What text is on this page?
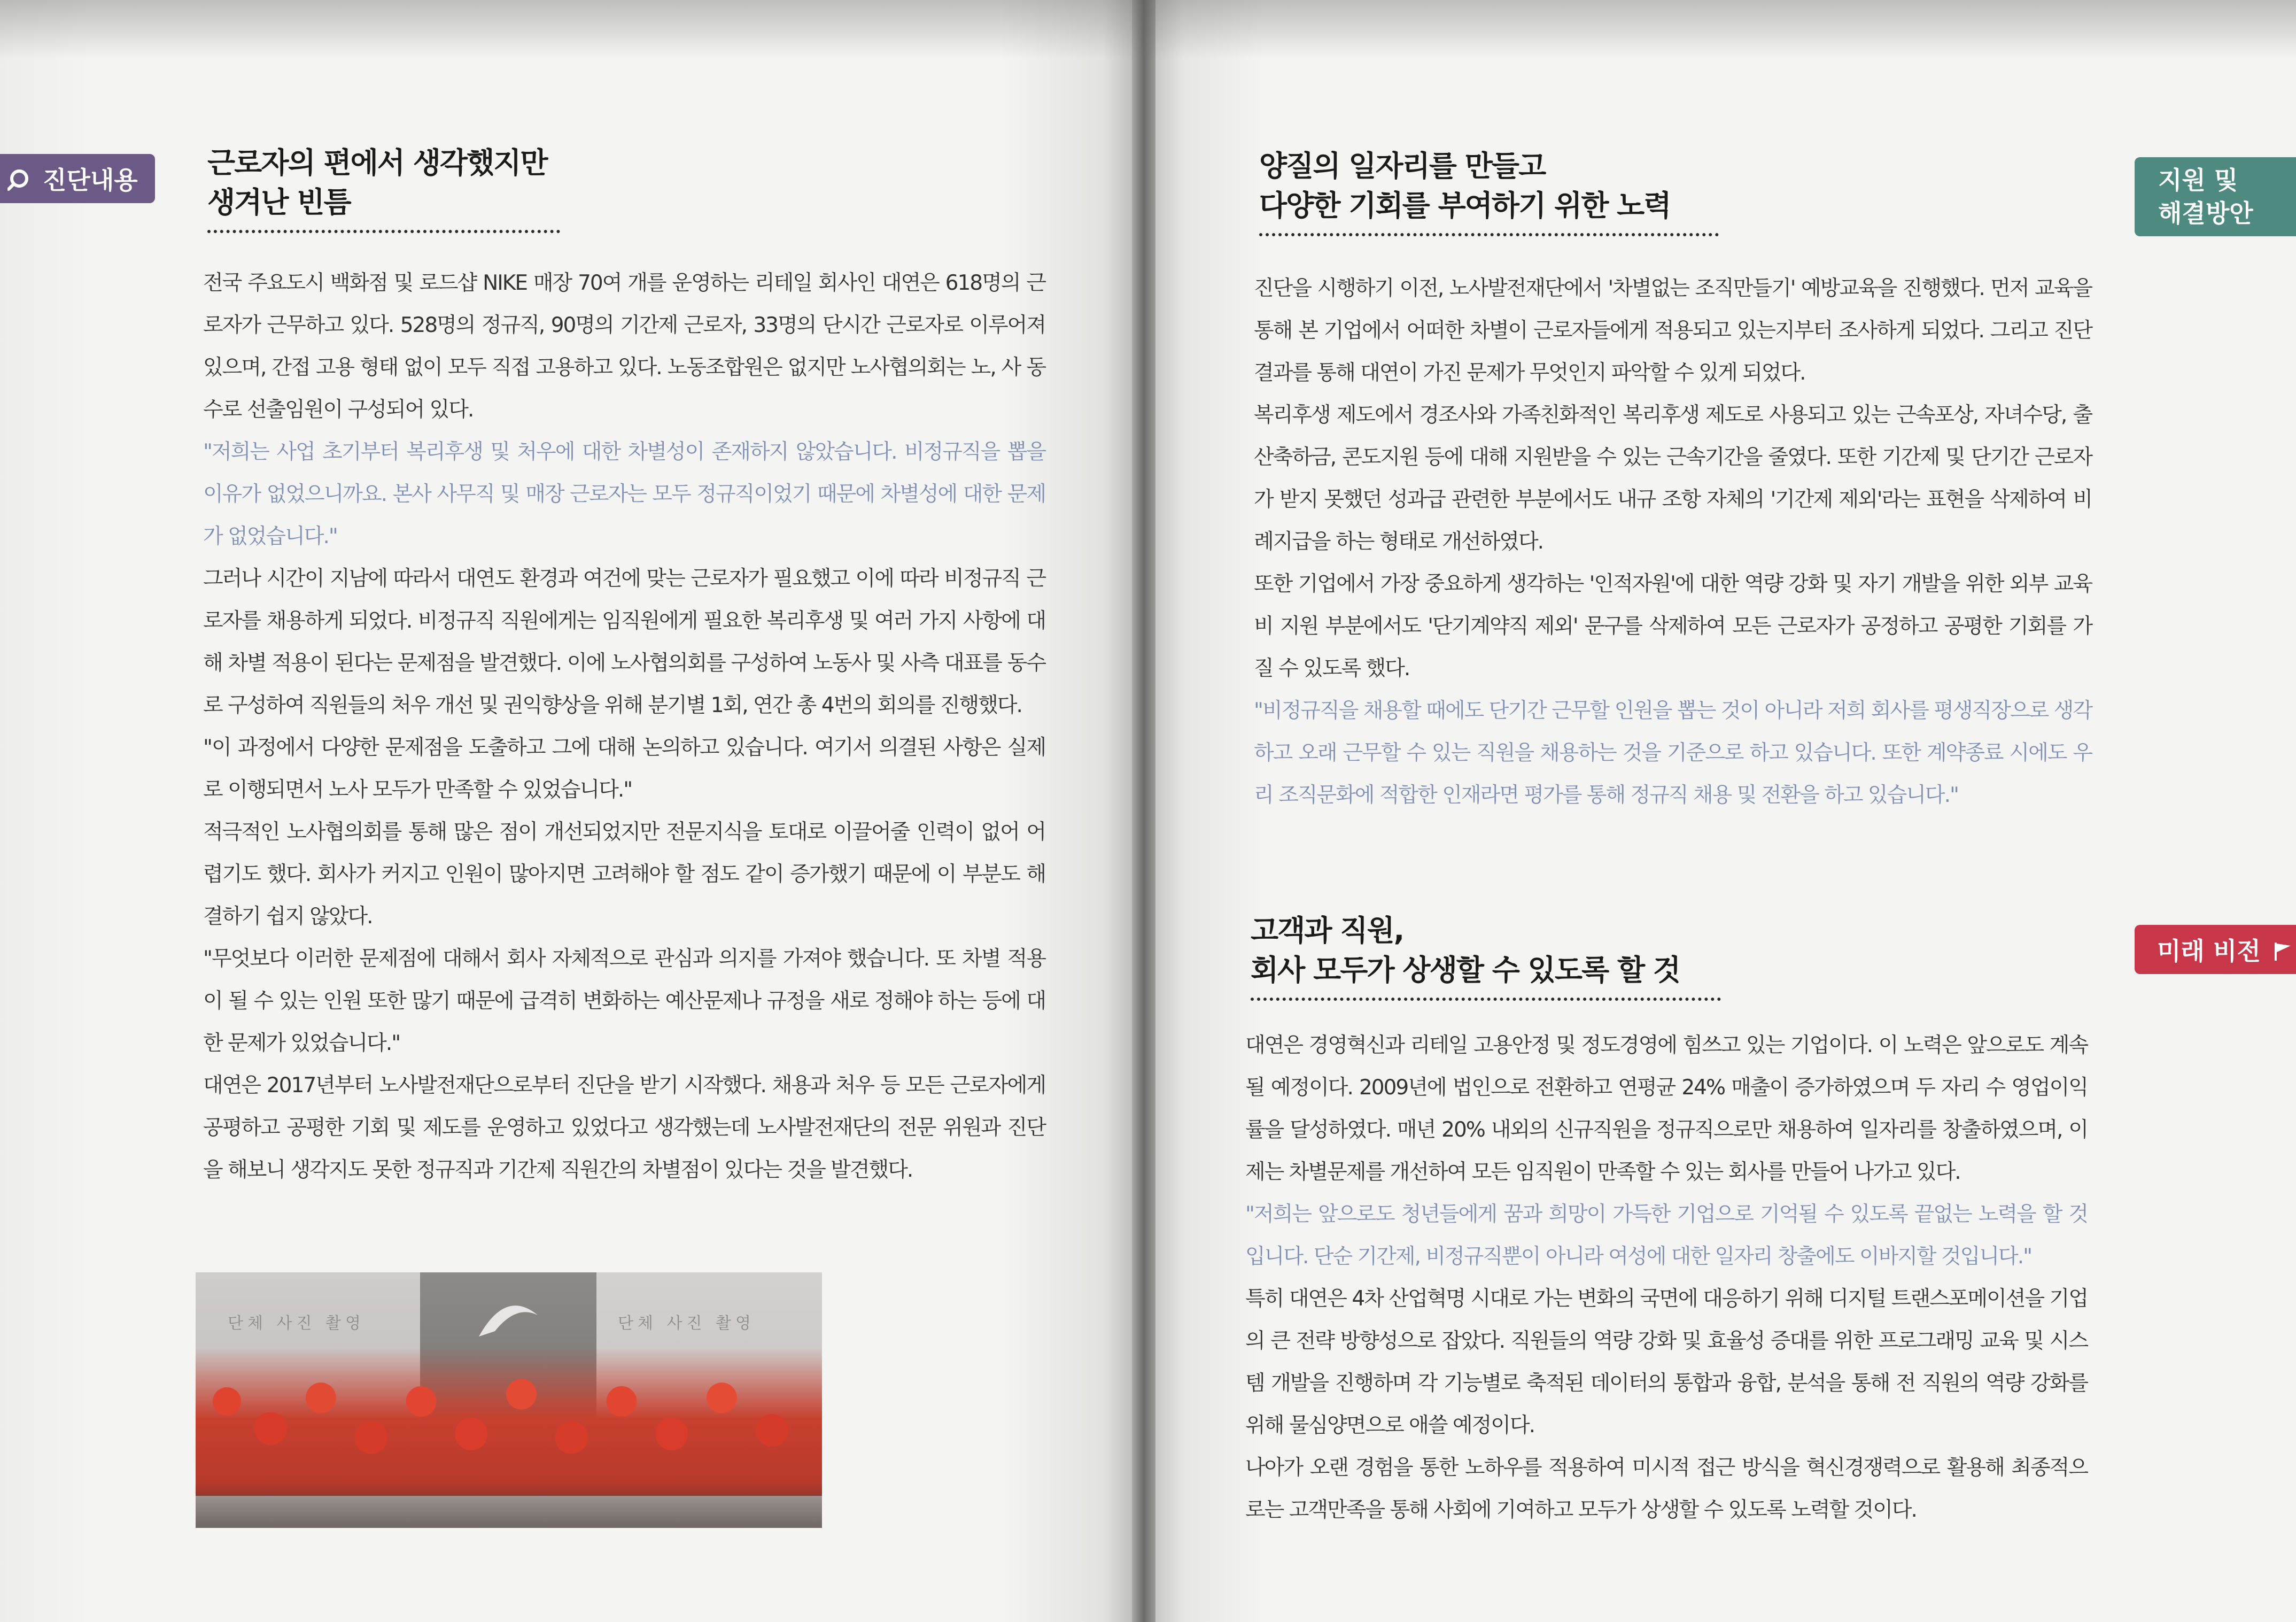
진단내용
근로자의 편에서 생각했지만
생겨난 빈틈

전국 주요도시 백화점 및 로드샵 NIKE 매장 70여 개를 운영하는 리테일 회사인 대연은 618명의 근로자가 근무하고 있다. 528명의 정규직, 90명의 기간제 근로자, 33명의 단시간 근로자로 이루어져있으며, 간접 고용 형태 없이 모두 직접 고용하고 있다. 노동조합원은 없지만 노사협의회는 노, 사 동수로 선출임원이 구성되어 있다.

"저희는 사업 초기부터 복리후생 및 처우에 대한 차별성이 존재하지 않았습니다. 비정규직을 뽑을 이유가 없었으니까요. 본사 사무직 및 매장 근로자는 모두 정규직이었기 때문에 차별성에 대한 문제가 없었습니다."

그러나 시간이 지남에 따라서 대연도 환경과 여건에 맞는 근로자가 필요했고 이에 따라 비정규직 근로자를 채용하게 되었다. 비정규직 직원에게는 임직원에게 필요한 복리후생 및 여러 가지 사항에 대해 차별 적용이 된다는 문제점을 발견했다. 이에 노사협의회를 구성하여 노동사 및 사측 대표를 동수로 구성하여 직원들의 처우 개선 및 권익향상을 위해 분기별 1회, 연간 총 4번의 회의를 진행했다.

"이 과정에서 다양한 문제점을 도출하고 그에 대해 논의하고 있습니다. 여기서 의결된 사항은 실제로 이행되면서 노사 모두가 만족할 수 있었습니다."

적극적인 노사협의회를 통해 많은 점이 개선되었지만 전문지식을 토대로 이끌어줄 인력이 없어 어렵기도 했다. 회사가 커지고 인원이 많아지면 고려해야 할 점도 같이 증가했기 때문에 이 부분도 해결하기 쉽지 않았다.

"무엇보다 이러한 문제점에 대해서 회사 자체적으로 관심과 의지를 가져야 했습니다. 또 차별 적용이 될 수 있는 인원 또한 많기 때문에 급격히 변화하는 예산문제나 규정을 새로 정해야 하는 등에 대한 문제가 있었습니다."

대연은 2017년부터 노사발전재단으로부터 진단을 받기 시작했다. 채용과 처우 등 모든 근로자에게 공평하고 공평한 기회 및 제도를 운영하고 있었다고 생각했는데 노사발전재단의 전문 위원과 진단을 해보니 생각지도 못한 정규직과 기간제 직원간의 차별점이 있다는 것을 발견했다.

단체 사진 촬영	단체 사진 촬영
지원 및
해결방안
미래 비전
양질의 일자리를 만들고
다양한 기회를 부여하기 위한 노력

진단을 시행하기 이전, 노사발전재단에서 '차별없는 조직만들기' 예방교육을 진행했다. 먼저 교육을 통해 본 기업에서 어떠한 차별이 근로자들에게 적용되고 있는지부터 조사하게 되었다. 그리고 진단 결과를 통해 대연이 가진 문제가 무엇인지 파악할 수 있게 되었다.

복리후생 제도에서 경조사와 가족친화적인 복리후생 제도로 사용되고 있는 근속포상, 자녀수당, 출산축하금, 콘도지원 등에 대해 지원받을 수 있는 근속기간을 줄였다. 또한 기간제 및 단기간 근로자가 받지 못했던 성과급 관련한 부분에서도 내규 조항 자체의 '기간제 제외'라는 표현을 삭제하여 비례지급을 하는 형태로 개선하였다.

또한 기업에서 가장 중요하게 생각하는 '인적자원'에 대한 역량 강화 및 자기 개발을 위한 외부 교육비 지원 부분에서도 '단기계약직 제외' 문구를 삭제하여 모든 근로자가 공정하고 공평한 기회를 가질 수 있도록 했다.

"비정규직을 채용할 때에도 단기간 근무할 인원을 뽑는 것이 아니라 저희 회사를 평생직장으로 생각하고 오래 근무할 수 있는 직원을 채용하는 것을 기준으로 하고 있습니다. 또한 계약종료 시에도 우리 조직문화에 적합한 인재라면 평가를 통해 정규직 채용 및 전환을 하고 있습니다."

고객과 직원,
회사 모두가 상생할 수 있도록 할 것

대연은 경영혁신과 리테일 고용안정 및 정도경영에 힘쓰고 있는 기업이다. 이 노력은 앞으로도 계속될 예정이다. 2009년에 법인으로 전환하고 연평균 24% 매출이 증가하였으며 두 자리 수 영업이익률을 달성하였다. 매년 20% 내외의 신규직원을 정규직으로만 채용하여 일자리를 창출하였으며, 이제는 차별문제를 개선하여 모든 임직원이 만족할 수 있는 회사를 만들어 나가고 있다.

"저희는 앞으로도 청년들에게 꿈과 희망이 가득한 기업으로 기억될 수 있도록 끝없는 노력을 할 것입니다. 단순 기간제, 비정규직뿐이 아니라 여성에 대한 일자리 창출에도 이바지할 것입니다."

특히 대연은 4차 산업혁명 시대로 가는 변화의 국면에 대응하기 위해 디지털 트랜스포메이션을 기업의 큰 전략 방향성으로 잡았다. 직원들의 역량 강화 및 효율성 증대를 위한 프로그래밍 교육 및 시스템 개발을 진행하며 각 기능별로 축적된 데이터의 통합과 융합, 분석을 통해 전 직원의 역량 강화를 위해 물심양면으로 애쓸 예정이다.

나아가 오랜 경험을 통한 노하우를 적용하여 미시적 접근 방식을 혁신경쟁력으로 활용해 최종적으로는 고객만족을 통해 사회에 기여하고 모두가 상생할 수 있도록 노력할 것이다.
